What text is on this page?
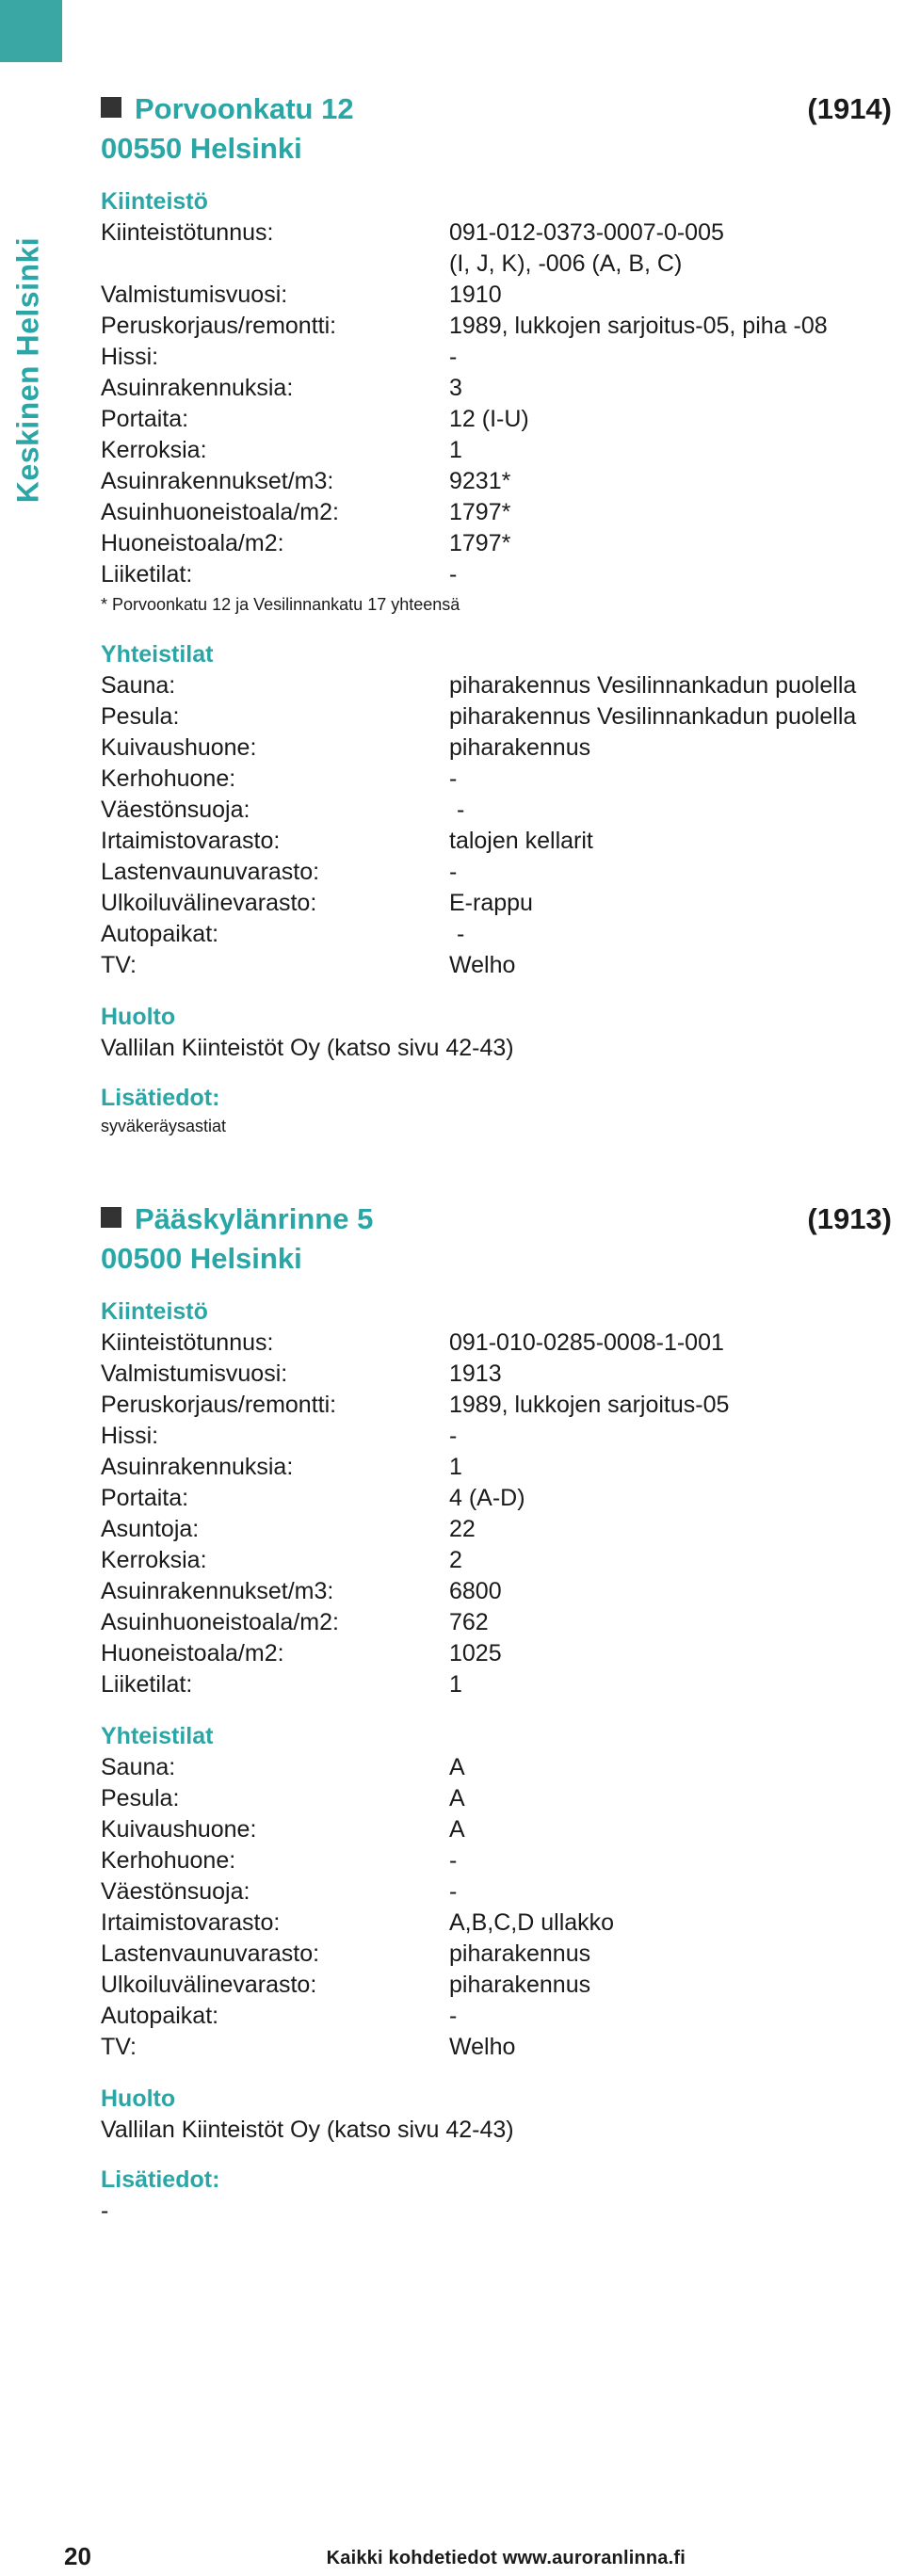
Keskinen Helsinki
Porvoonkatu 12	(1914)
00550 Helsinki
Kiinteistö
Kiinteistötunnus:	091-012-0373-0007-0-005
(I, J, K), -006 (A, B, C)
Valmistumisvuosi:	1910
Peruskorjaus/remontti:	1989, lukkojen sarjoitus-05, piha -08
Hissi:	-
Asuinrakennuksia:	3
Portaita:	12 (I-U)
Kerroksia:	1
Asuinrakennukset/m3:	9231*
Asuinhuoneistoala/m2:	1797*
Huoneistoala/m2:	1797*
Liiketilat:	-
* Porvoonkatu 12 ja Vesilinnankatu 17 yhteensä
Yhteistilat
Sauna:	piharakennus Vesilinnankadun puolella
Pesula:	piharakennus Vesilinnankadun puolella
Kuivaushuone:	piharakennus
Kerhohuone:	-
Väestönsuoja:	-
Irtaimistovarasto:	talojen kellarit
Lastenvaunuvarasto:	-
Ulkoiluvälinevarasto:	E-rappu
Autopaikat:	-
TV:	Welho
Huolto
Vallilan Kiinteistöt Oy (katso sivu 42-43)
Lisätiedot:
syväkeräysastiat
Pääskylänrinne 5	(1913)
00500 Helsinki
Kiinteistö
Kiinteistötunnus:	091-010-0285-0008-1-001
Valmistumisvuosi:	1913
Peruskorjaus/remontti:	1989, lukkojen sarjoitus-05
Hissi:	-
Asuinrakennuksia:	1
Portaita:	4 (A-D)
Asuntoja:	22
Kerroksia:	2
Asuinrakennukset/m3:	6800
Asuinhuoneistoala/m2:	762
Huoneistoala/m2:	1025
Liiketilat:	1
Yhteistilat
Sauna:	A
Pesula:	A
Kuivaushuone:	A
Kerhohuone:	-
Väestönsuoja:	-
Irtaimistovarasto:	A,B,C,D ullakko
Lastenvaunuvarasto:	piharakennus
Ulkoiluvälinevarasto:	piharakennus
Autopaikat:	-
TV:	Welho
Huolto
Vallilan Kiinteistöt Oy (katso sivu 42-43)
Lisätiedot:
-
20	Kaikki kohdetiedot www.auroranlinna.fi
